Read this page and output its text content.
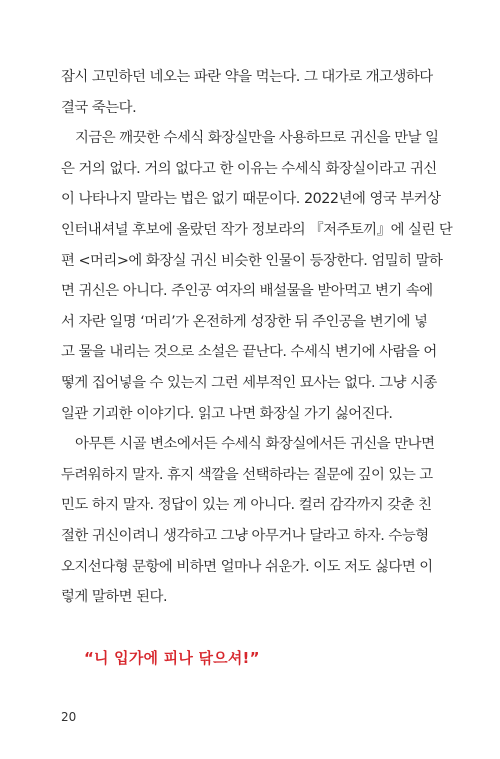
잠시 고민하던 네오는 파란 약을 먹는다. 그 대가로 개고생하다
결국 죽는다.
지금은 깨끗한 수세식 화장실만을 사용하므로 귀신을 만날 일
은 거의 없다. 거의 없다고 한 이유는 수세식 화장실이라고 귀신
이 나타나지 말라는 법은 없기 때문이다. 2022년에 영국 부커상
인터내셔널 후보에 올랐던 작가 정보라의 『저주토끼』에 실린 단
편 <머리>에 화장실 귀신 비슷한 인물이 등장한다. 엄밀히 말하
면 귀신은 아니다. 주인공 여자의 배설물을 받아먹고 변기 속에
서 자란 일명 ‘머리’가 온전하게 성장한 뒤 주인공을 변기에 넣
고 물을 내리는 것으로 소설은 끝난다. 수세식 변기에 사람을 어
떻게 집어넣을 수 있는지 그런 세부적인 묘사는 없다. 그냥 시종
일관 기괴한 이야기다. 읽고 나면 화장실 가기 싫어진다.
아무튼 시골 변소에서든 수세식 화장실에서든 귀신을 만나면
두려워하지 말자. 휴지 색깔을 선택하라는 질문에 깊이 있는 고
민도 하지 말자. 정답이 있는 게 아니다. 컬러 감각까지 갖춘 친
절한 귀신이려니 생각하고 그냥 아무거나 달라고 하자. 수능형
오지선다형 문항에 비하면 얼마나 쉬운가. 이도 저도 싫다면 이
렇게 말하면 된다.
“니 입가에 피나 닦으셔!”
20
